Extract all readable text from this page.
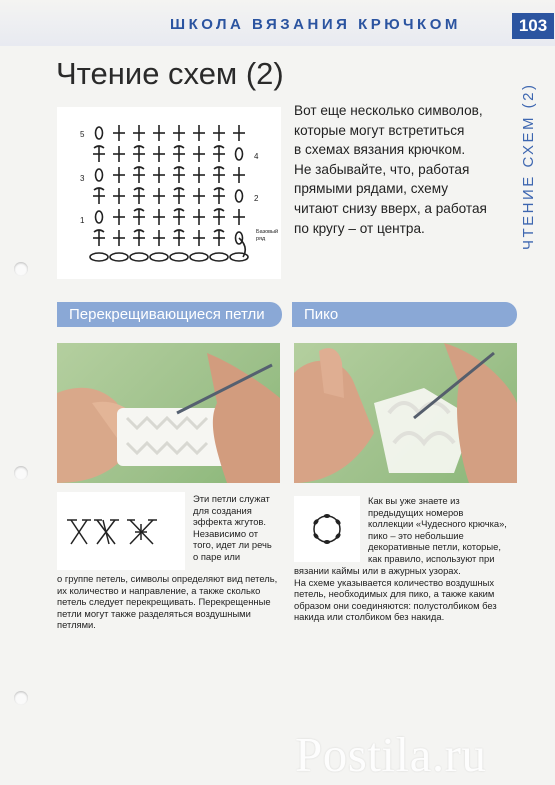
ШКОЛА ВЯЗАНИЯ КРЮЧКОМ	103
ЧТЕНИЕ СХЕМ (2)
Чтение схем (2)
5
3
1
4
2
Базовый
ряд
Вот еще несколько символов,
которые могут встретиться
в схемах вязания крючком.
Не забывайте, что, работая
прямыми рядами, схему
читают снизу вверх, а работая
по кругу – от центра.
Перекрещивающиеся петли	Пико
Эти петли служат
для создания
эффекта жгутов.
Независимо от
того, идет ли речь
о паре или
о группе петель, символы определяют вид петель,
их количество и направление, а также сколько
петель следует перекрещивать. Перекрещенные
петли могут также разделяться воздушными
петлями.
Как вы уже знаете из
предыдущих номеров
коллекции «Чудесного крючка»,
пико – это небольшие
декоративные петли, которые,
как правило, используют при
вязании каймы или в ажурных узорах.
На схеме указывается количество воздушных
петель, необходимых для пико, а также каким
образом они соединяются: полустолбиком без
накида или столбиком без накида.
Postila.ru
